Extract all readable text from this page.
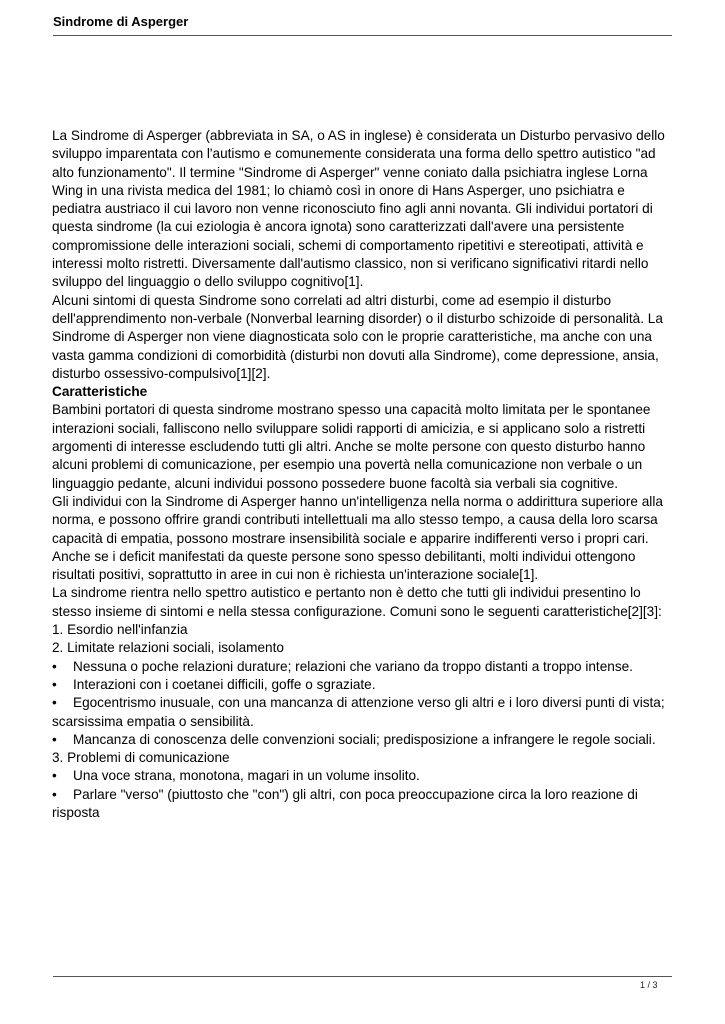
Sindrome di Asperger

La Sindrome di Asperger (abbreviata in SA, o AS in inglese) è considerata un Disturbo pervasivo dello sviluppo imparentata con l'autismo e comunemente considerata una forma dello spettro autistico "ad alto funzionamento". Il termine "Sindrome di Asperger" venne coniato dalla psichiatra inglese Lorna Wing in una rivista medica del 1981; lo chiamò così in onore di Hans Asperger, uno psichiatra e pediatra austriaco il cui lavoro non venne riconosciuto fino agli anni novanta. Gli individui portatori di questa sindrome (la cui eziologia è ancora ignota) sono caratterizzati dall'avere una persistente compromissione delle interazioni sociali, schemi di comportamento ripetitivi e stereotipati, attività e interessi molto ristretti. Diversamente dall'autismo classico, non si verificano significativi ritardi nello sviluppo del linguaggio o dello sviluppo cognitivo[1].

Alcuni sintomi di questa Sindrome sono correlati ad altri disturbi, come ad esempio il disturbo dell'apprendimento non-verbale (Nonverbal learning disorder) o il disturbo schizoide di personalità. La Sindrome di Asperger non viene diagnosticata solo con le proprie caratteristiche, ma anche con una vasta gamma condizioni di comorbidità (disturbi non dovuti alla Sindrome), come depressione, ansia, disturbo ossessivo-compulsivo[1][2].

Caratteristiche

Bambini portatori di questa sindrome mostrano spesso una capacità molto limitata per le spontanee interazioni sociali, falliscono nello sviluppare solidi rapporti di amicizia, e si applicano solo a ristretti argomenti di interesse escludendo tutti gli altri. Anche se molte persone con questo disturbo hanno alcuni problemi di comunicazione, per esempio una povertà nella comunicazione non verbale o un linguaggio pedante, alcuni individui possono possedere buone facoltà sia verbali sia cognitive.

Gli individui con la Sindrome di Asperger hanno un'intelligenza nella norma o addirittura superiore alla norma, e possono offrire grandi contributi intellettuali ma allo stesso tempo, a causa della loro scarsa capacità di empatia, possono mostrare insensibilità sociale e apparire indifferenti verso i propri cari. Anche se i deficit manifestati da queste persone sono spesso debilitanti, molti individui ottengono risultati positivi, soprattutto in aree in cui non è richiesta un'interazione sociale[1].

La sindrome rientra nello spettro autistico e pertanto non è detto che tutti gli individui presentino lo stesso insieme di sintomi e nella stessa configurazione. Comuni sono le seguenti caratteristiche[2][3]:

1. Esordio nell'infanzia

2. Limitate relazioni sociali, isolamento

• Nessuna o poche relazioni durature; relazioni che variano da troppo distanti a troppo intense.

• Interazioni con i coetanei difficili, goffe o sgraziate.

• Egocentrismo inusuale, con una mancanza di attenzione verso gli altri e i loro diversi punti di vista; scarsissima empatia o sensibilità.

• Mancanza di conoscenza delle convenzioni sociali; predisposizione a infrangere le regole sociali.

3. Problemi di comunicazione

• Una voce strana, monotona, magari in un volume insolito.

• Parlare "verso" (piuttosto che "con") gli altri, con poca preoccupazione circa la loro reazione di risposta

1 / 3
